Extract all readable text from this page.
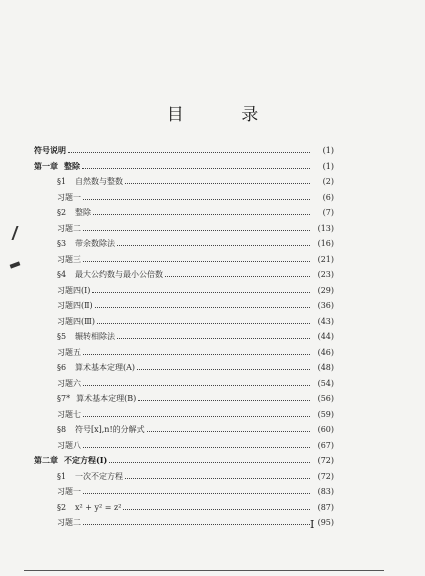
目 录
符号说明	(1)
第一章 整除	(1)
§1	自然数与整数	(2)
习题一	(6)
§2	整除	(7)
习题二	(13)
§3	带余数除法	(16)
习题三	(21)
§4	最大公约数与最小公倍数	(23)
习题四(Ⅰ)	(29)
习题四(Ⅱ)	(36)
习题四(Ⅲ)	(43)
§5	辗转相除法	(44)
习题五	(46)
§6	算术基本定理(A)	(48)
习题六	(54)
§7* 算术基本定理(B)	(56)
习题七	(59)
§8	符号[x],n!的分解式	(60)
习题八	(67)
第二章 不定方程(Ⅰ)	(72)
§1	一次不定方程	(72)
习题一	(83)
§2	x² + y² = z²	(87)
习题二	(95)
I
